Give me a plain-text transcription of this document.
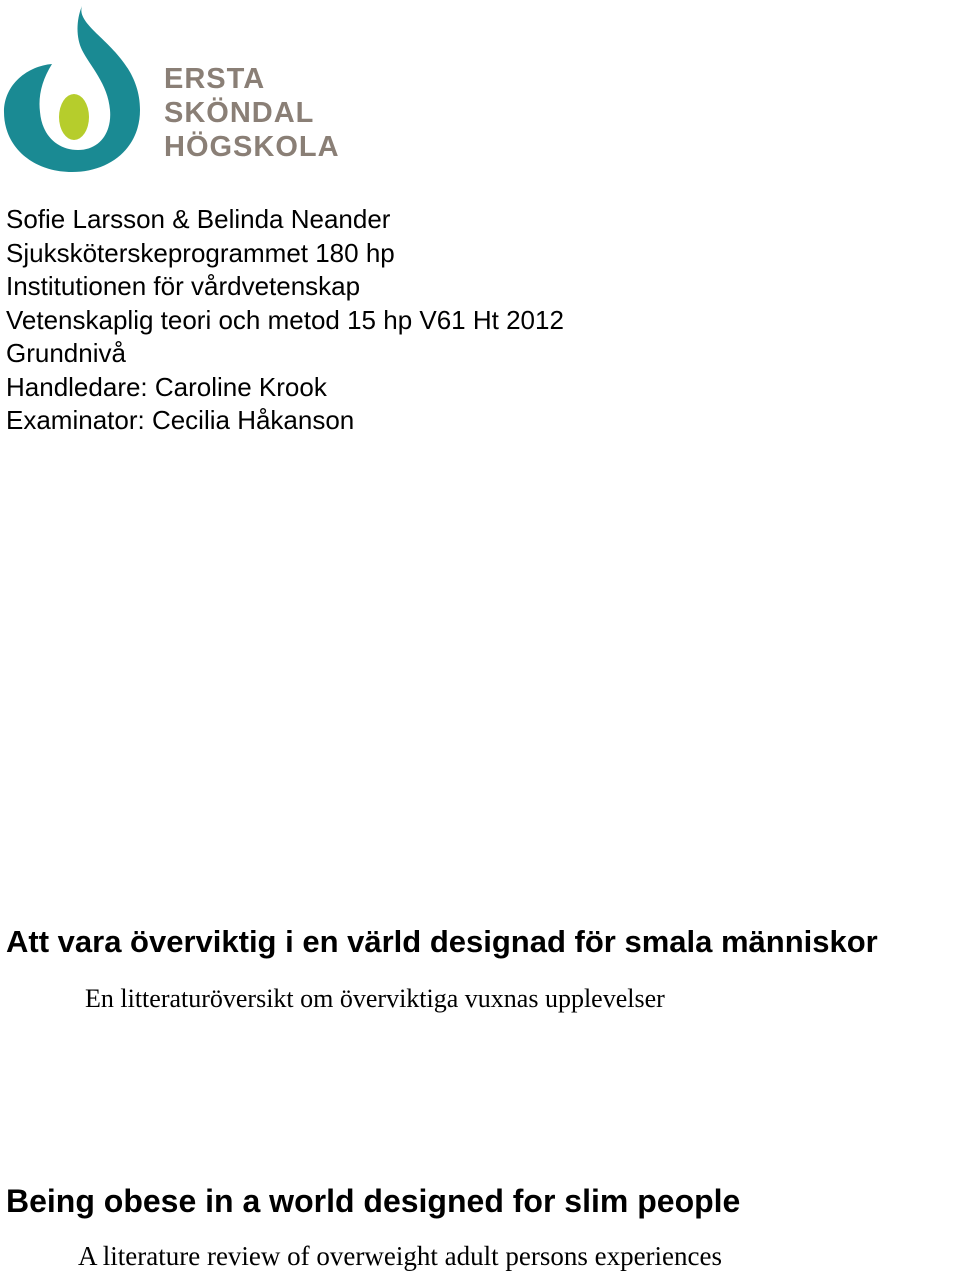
ERSTA
SKÖNDAL
HÖGSKOLA
Sofie Larsson & Belinda Neander
Sjuksköterskeprogrammet 180 hp
Institutionen för vårdvetenskap
Vetenskaplig teori och metod 15 hp V61 Ht 2012
Grundnivå
Handledare: Caroline Krook
Examinator: Cecilia Håkanson
Att vara överviktig i en värld designad för smala människor
En litteraturöversikt om överviktiga vuxnas upplevelser
Being obese in a world designed for slim people
A literature review of overweight adult persons experiences
